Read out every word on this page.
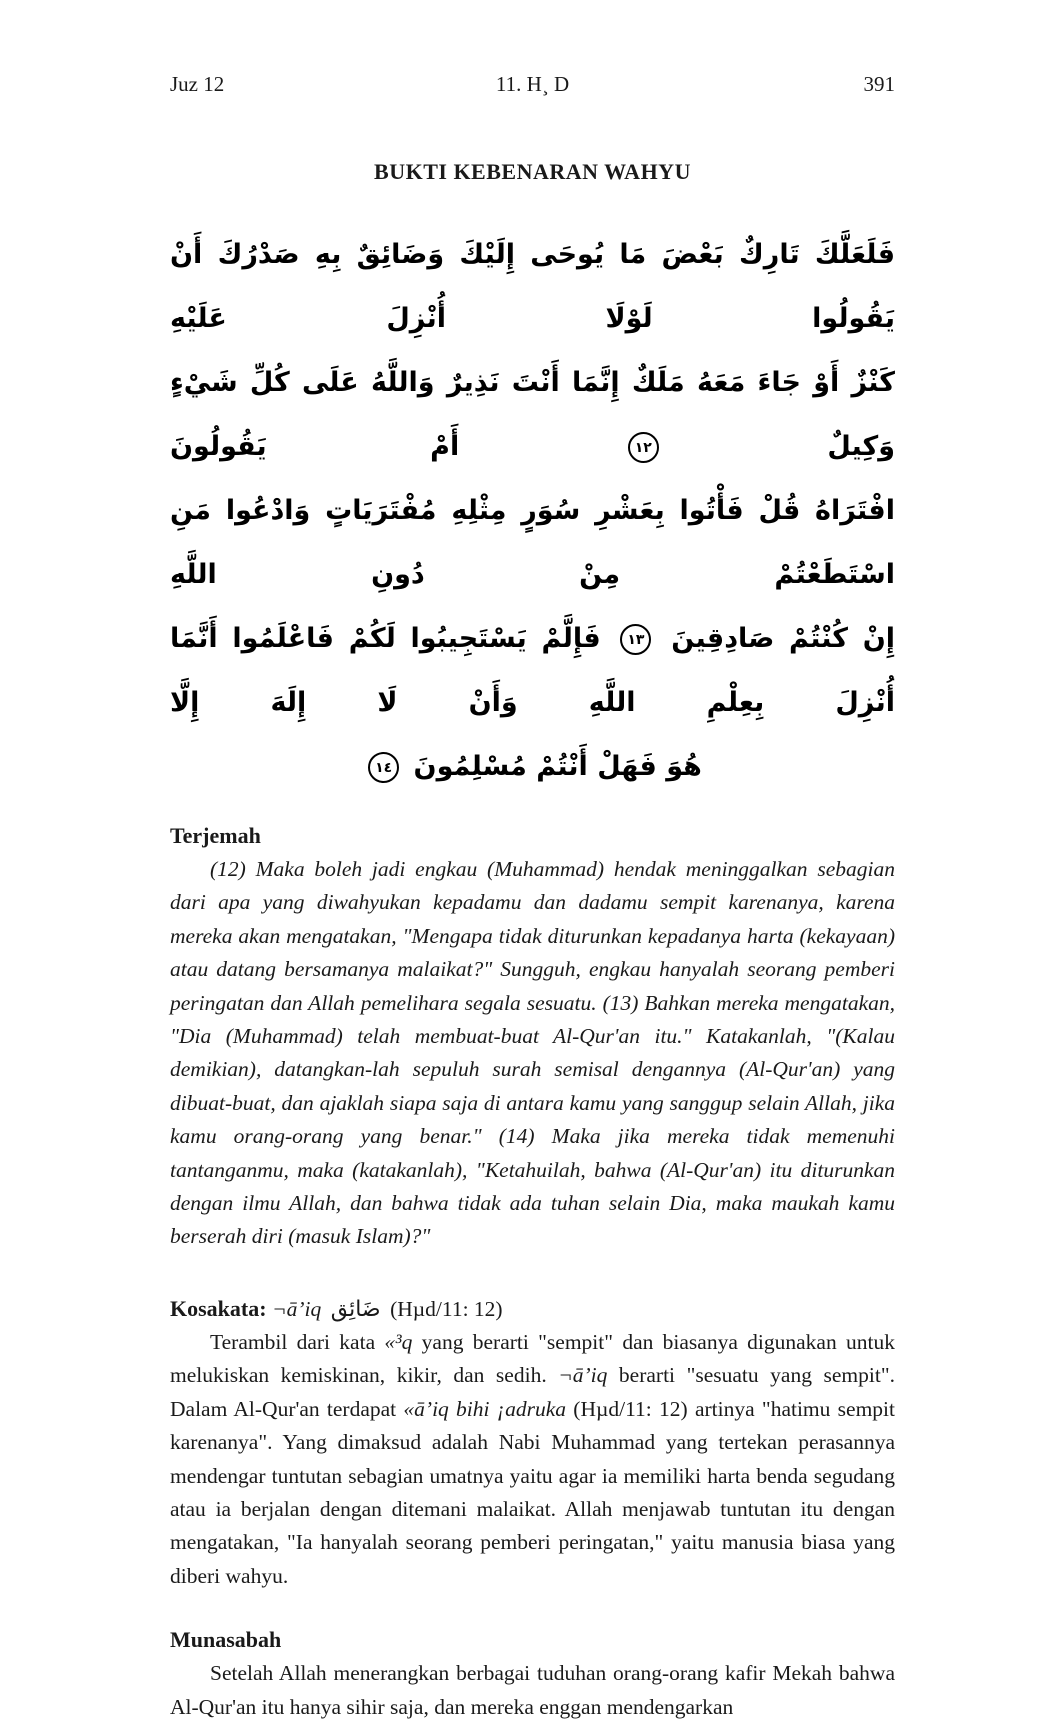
Juz 12	11. H¸ D	391
BUKTI KEBENARAN WAHYU
فَلَعَلَّكَ تَارِكٌ بَعْضَ مَا يُوحَى إِلَيْكَ وَضَائِقٌ بِهِ صَدْرُكَ أَنْ يَقُولُوا لَوْلَا أُنْزِلَ عَلَيْهِ
كَنْزٌ أَوْ جَاءَ مَعَهُ مَلَكٌ إِنَّمَا أَنْتَ نَذِيرٌ وَاللَّهُ عَلَى كُلِّ شَيْءٍ وَكِيلٌ ١٢ أَمْ يَقُولُونَ
افْتَرَاهُ قُلْ فَأْتُوا بِعَشْرِ سُوَرٍ مِثْلِهِ مُفْتَرَيَاتٍ وَادْعُوا مَنِ اسْتَطَعْتُمْ مِنْ دُونِ اللَّهِ
إِنْ كُنْتُمْ صَادِقِينَ ١٣ فَإِلَّمْ يَسْتَجِيبُوا لَكُمْ فَاعْلَمُوا أَنَّمَا أُنْزِلَ بِعِلْمِ اللَّهِ وَأَنْ لَا إِلَهَ إِلَّا
هُوَ فَهَلْ أَنْتُمْ مُسْلِمُونَ ١٤
Terjemah

(12) Maka boleh jadi engkau (Muhammad) hendak meninggalkan sebagian dari apa yang diwahyukan kepadamu dan dadamu sempit karenanya, karena mereka akan mengatakan, "Mengapa tidak diturunkan kepadanya harta (kekayaan) atau datang bersamanya malaikat?" Sungguh, engkau hanyalah seorang pemberi peringatan dan Allah pemelihara segala sesuatu. (13) Bahkan mereka mengatakan, "Dia (Muhammad) telah membuat-buat Al-Qur'an itu." Katakanlah, "(Kalau demikian), datangkan-lah sepuluh surah semisal dengannya (Al-Qur'an) yang dibuat-buat, dan ajaklah siapa saja di antara kamu yang sanggup selain Allah, jika kamu orang-orang yang benar." (14) Maka jika mereka tidak memenuhi tantanganmu, maka (katakanlah), "Ketahuilah, bahwa (Al-Qur'an) itu diturunkan dengan ilmu Allah, dan bahwa tidak ada tuhan selain Dia, maka maukah kamu berserah diri (masuk Islam)?"

Kosakata: ¬ā’iq ضَائِق (Hµd/11: 12)

Terambil dari kata «³q yang berarti "sempit" dan biasanya digunakan untuk melukiskan kemiskinan, kikir, dan sedih. ¬ā’iq berarti "sesuatu yang sempit". Dalam Al-Qur'an terdapat «ā’iq bihi ¡adruka (Hµd/11: 12) artinya "hatimu sempit karenanya". Yang dimaksud adalah Nabi Muhammad yang tertekan perasannya mendengar tuntutan sebagian umatnya yaitu agar ia memiliki harta benda segudang atau ia berjalan dengan ditemani malaikat. Allah menjawab tuntutan itu dengan mengatakan, "Ia hanyalah seorang pemberi peringatan," yaitu manusia biasa yang diberi wahyu.

Munasabah

Setelah Allah menerangkan berbagai tuduhan orang-orang kafir Mekah bahwa Al-Qur'an itu hanya sihir saja, dan mereka enggan mendengarkan
